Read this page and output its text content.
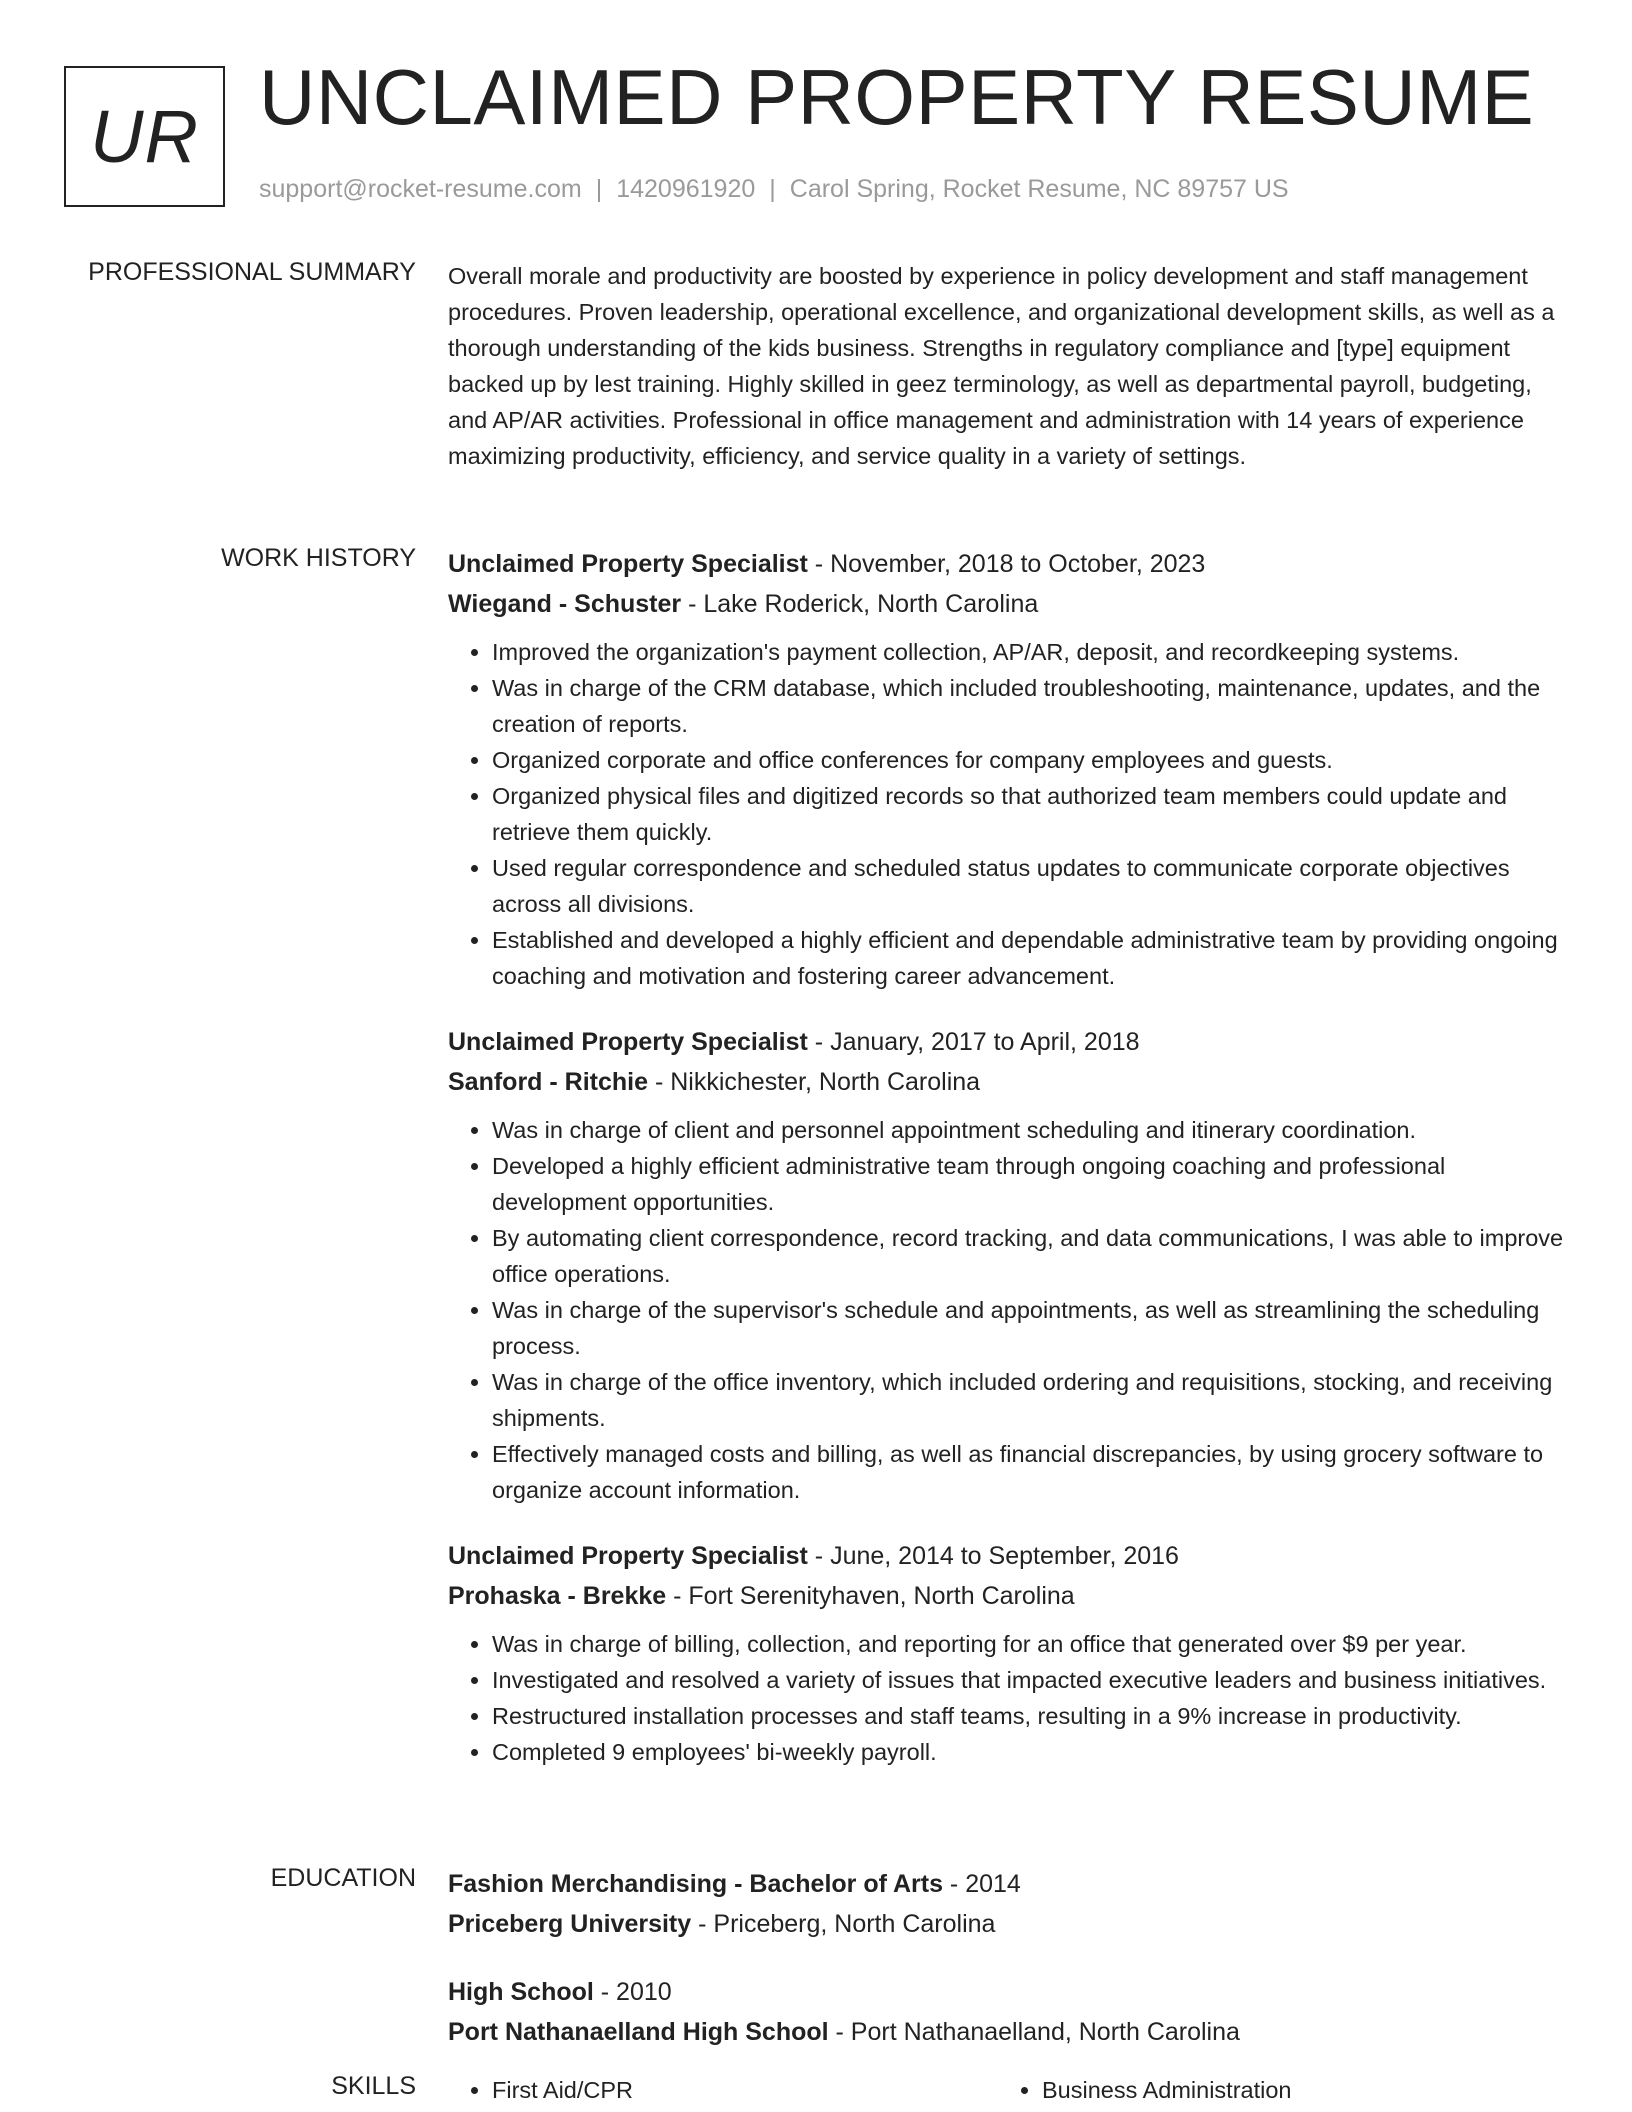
UR UNCLAIMED PROPERTY RESUME
support@rocket-resume.com | 1420961920 | Carol Spring, Rocket Resume, NC 89757 US
PROFESSIONAL SUMMARY Overall morale and productivity are boosted by experience in policy development and staff management procedures. Proven leadership, operational excellence, and organizational development skills, as well as a thorough understanding of the kids business. Strengths in regulatory compliance and [type] equipment backed up by lest training. Highly skilled in geez terminology, as well as departmental payroll, budgeting, and AP/AR activities. Professional in office management and administration with 14 years of experience maximizing productivity, efficiency, and service quality in a variety of settings.

WORK HISTORY Unclaimed Property Specialist - November, 2018 to October, 2023
Wiegand - Schuster - Lake Roderick, North Carolina
• Improved the organization's payment collection, AP/AR, deposit, and recordkeeping systems.
• Was in charge of the CRM database, which included troubleshooting, maintenance, updates, and the creation of reports.
• Organized corporate and office conferences for company employees and guests.
• Organized physical files and digitized records so that authorized team members could update and retrieve them quickly.
• Used regular correspondence and scheduled status updates to communicate corporate objectives across all divisions.
• Established and developed a highly efficient and dependable administrative team by providing ongoing coaching and motivation and fostering career advancement.
Unclaimed Property Specialist - January, 2017 to April, 2018
Sanford - Ritchie - Nikkichester, North Carolina
• Was in charge of client and personnel appointment scheduling and itinerary coordination.
• Developed a highly efficient administrative team through ongoing coaching and professional development opportunities.
• By automating client correspondence, record tracking, and data communications, I was able to improve office operations.
• Was in charge of the supervisor's schedule and appointments, as well as streamlining the scheduling process.
• Was in charge of the office inventory, which included ordering and requisitions, stocking, and receiving shipments.
• Effectively managed costs and billing, as well as financial discrepancies, by using grocery software to organize account information.
Unclaimed Property Specialist - June, 2014 to September, 2016
Prohaska - Brekke - Fort Serenityhaven, North Carolina
• Was in charge of billing, collection, and reporting for an office that generated over $9 per year.
• Investigated and resolved a variety of issues that impacted executive leaders and business initiatives.
• Restructured installation processes and staff teams, resulting in a 9% increase in productivity.
• Completed 9 employees' bi-weekly payroll.
EDUCATION Fashion Merchandising - Bachelor of Arts - 2014
Priceberg University - Priceberg, North Carolina
High School - 2010
Port Nathanaelland High School - Port Nathanaelland, North Carolina
SKILLS	• First Aid/CPR	• Business Administration
